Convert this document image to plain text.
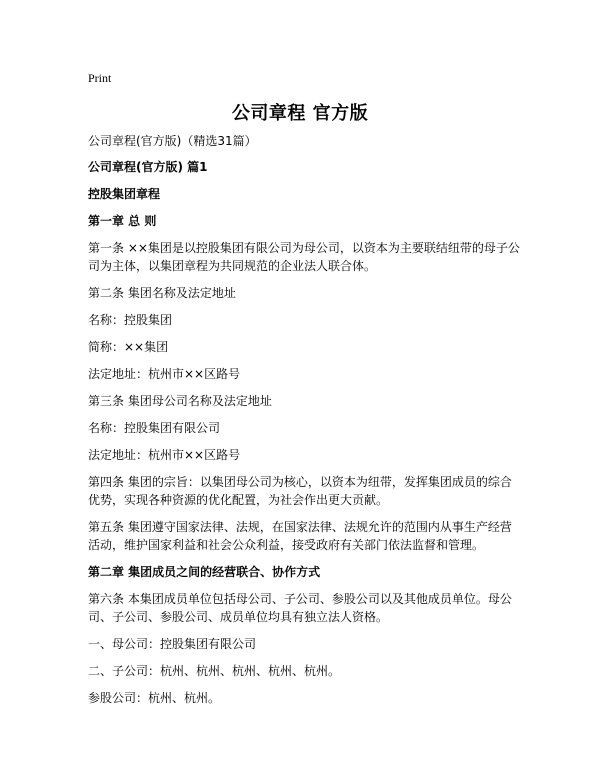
Print
公司章程 官方版

公司章程(官方版)（精选31篇）

公司章程(官方版) 篇1

控股集团章程

第一章 总 则

第一条 ××集团是以控股集团有限公司为母公司，以资本为主要联结纽带的母子公司为主体，以集团章程为共同规范的企业法人联合体。

第二条 集团名称及法定地址

名称：控股集团

简称：××集团

法定地址：杭州市××区路号

第三条 集团母公司名称及法定地址

名称：控股集团有限公司

法定地址：杭州市××区路号

第四条 集团的宗旨：以集团母公司为核心，以资本为纽带，发挥集团成员的综合优势，实现各种资源的优化配置，为社会作出更大贡献。

第五条 集团遵守国家法律、法规，在国家法律、法规允许的范围内从事生产经营活动，维护国家利益和社会公众利益，接受政府有关部门依法监督和管理。

第二章 集团成员之间的经营联合、协作方式

第六条 本集团成员单位包括母公司、子公司、参股公司以及其他成员单位。母公司、子公司、参股公司、成员单位均具有独立法人资格。

一、母公司：控股集团有限公司

二、子公司：杭州、杭州、杭州、杭州、杭州。

参股公司：杭州、杭州。
